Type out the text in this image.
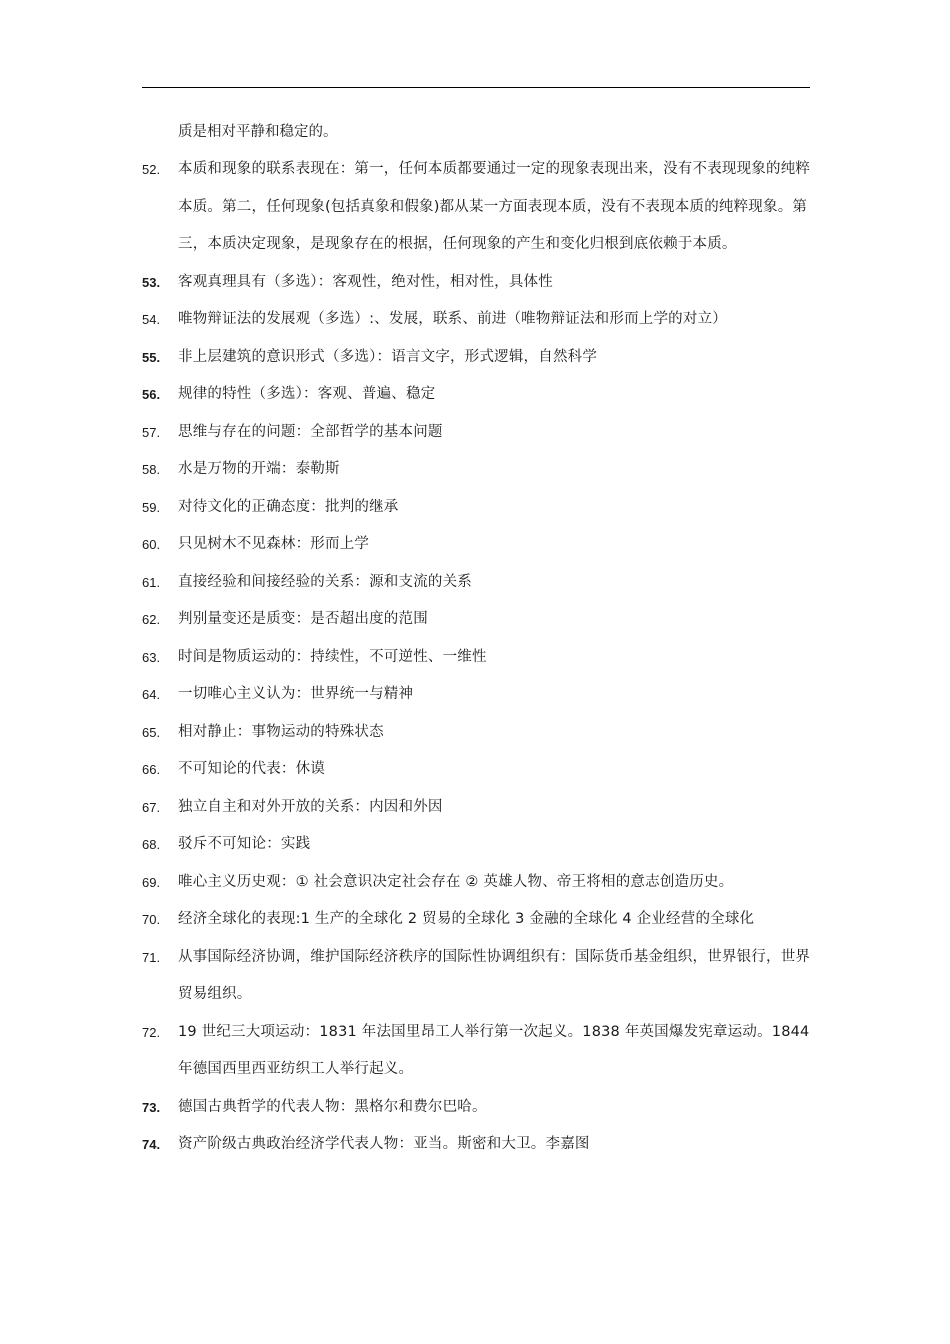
质是相对平静和稳定的。
52.	本质和现象的联系表现在：第一，任何本质都要通过一定的现象表现出来，没有不表现现象的纯粹本质。第二，任何现象(包括真象和假象)都从某一方面表现本质，没有不表现本质的纯粹现象。第三，本质决定现象，是现象存在的根据，任何现象的产生和变化归根到底依赖于本质。
53.	客观真理具有（多选）：客观性，绝对性，相对性，具体性
54.	唯物辩证法的发展观（多选）:、发展，联系、前进（唯物辩证法和形而上学的对立）
55.	非上层建筑的意识形式（多选）：语言文字，形式逻辑，自然科学
56.	规律的特性（多选）：客观、普遍、稳定
57.	思维与存在的问题：全部哲学的基本问题
58.	水是万物的开端：泰勒斯
59.	对待文化的正确态度：批判的继承
60.	只见树木不见森林：形而上学
61.	直接经验和间接经验的关系：源和支流的关系
62.	判别量变还是质变：是否超出度的范围
63.	时间是物质运动的：持续性，不可逆性、一维性
64.	一切唯心主义认为：世界统一与精神
65.	相对静止：事物运动的特殊状态
66.	不可知论的代表：休谟
67.	独立自主和对外开放的关系：内因和外因
68.	驳斥不可知论：实践
69.	唯心主义历史观：① 社会意识决定社会存在 ② 英雄人物、帝王将相的意志创造历史。
70.	经济全球化的表现:1 生产的全球化 2 贸易的全球化 3 金融的全球化 4 企业经营的全球化
71.	从事国际经济协调，维护国际经济秩序的国际性协调组织有：国际货币基金组织，世界银行，世界贸易组织。
72.	19 世纪三大项运动：1831 年法国里昂工人举行第一次起义。1838 年英国爆发宪章运动。1844 年德国西里西亚纺织工人举行起义。
73.	德国古典哲学的代表人物：黑格尔和费尔巴哈。
74.	资产阶级古典政治经济学代表人物：亚当。斯密和大卫。李嘉图
